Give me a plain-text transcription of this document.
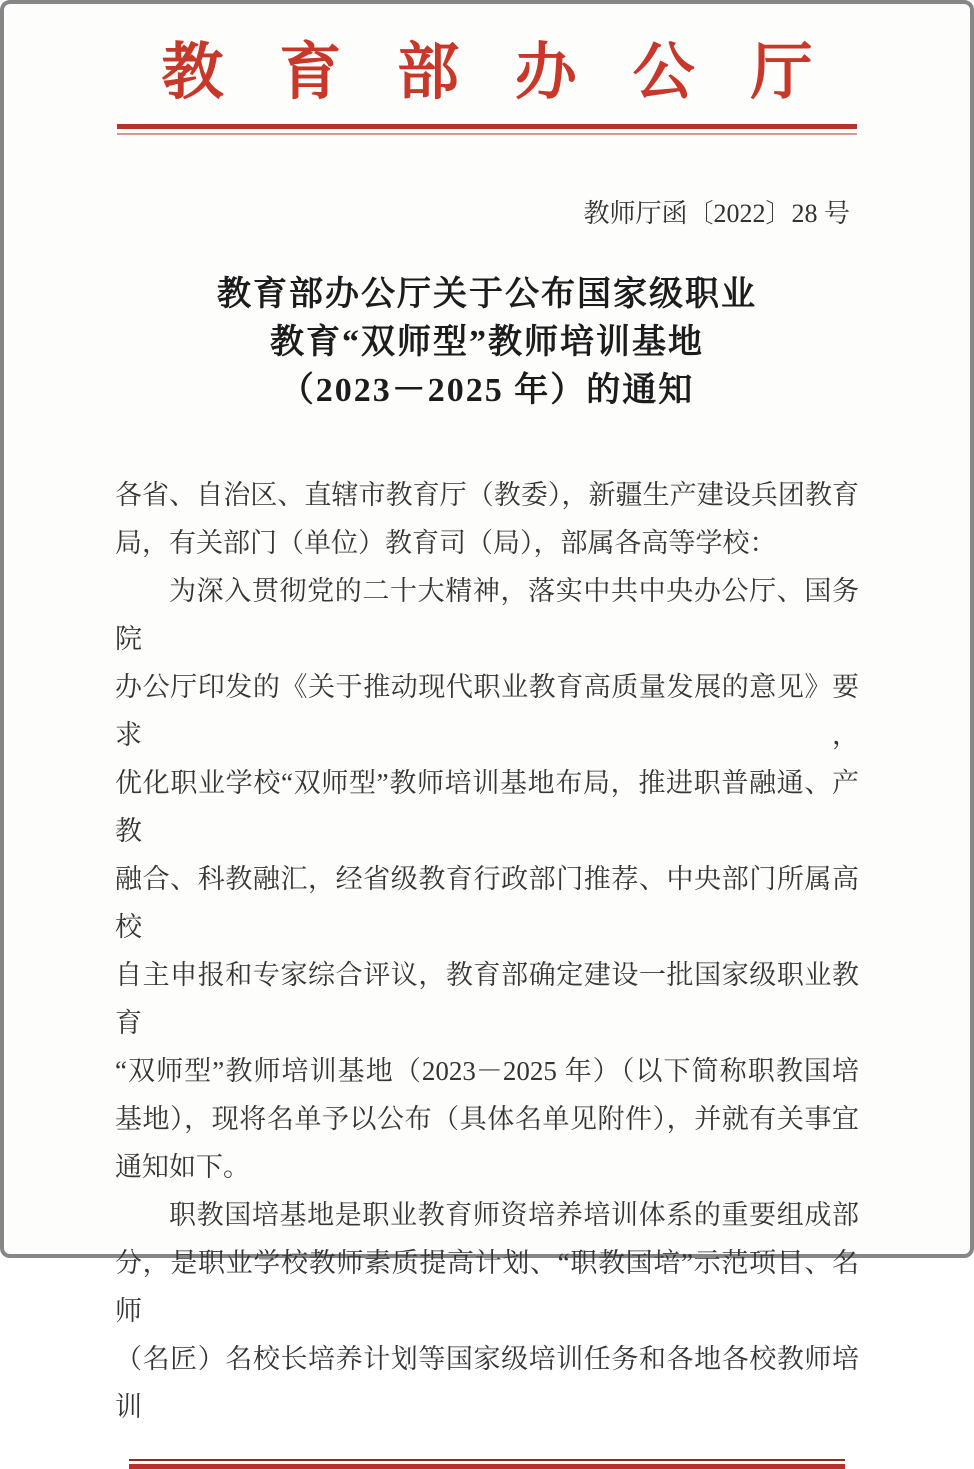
教育部办公厅
教师厅函〔2022〕28 号
教育部办公厅关于公布国家级职业
教育“双师型”教师培训基地
（2023－2025 年）的通知
各省、自治区、直辖市教育厅（教委），新疆生产建设兵团教育
局，有关部门（单位）教育司（局），部属各高等学校：
为深入贯彻党的二十大精神，落实中共中央办公厅、国务院
办公厅印发的《关于推动现代职业教育高质量发展的意见》要求，
优化职业学校“双师型”教师培训基地布局，推进职普融通、产教
融合、科教融汇，经省级教育行政部门推荐、中央部门所属高校
自主申报和专家综合评议，教育部确定建设一批国家级职业教育
“双师型”教师培训基地（2023－2025 年）（以下简称职教国培
基地），现将名单予以公布（具体名单见附件），并就有关事宜
通知如下。
职教国培基地是职业教育师资培养培训体系的重要组成部
分，是职业学校教师素质提高计划、“职教国培”示范项目、名师
（名匠）名校长培养计划等国家级培训任务和各地各校教师培训
